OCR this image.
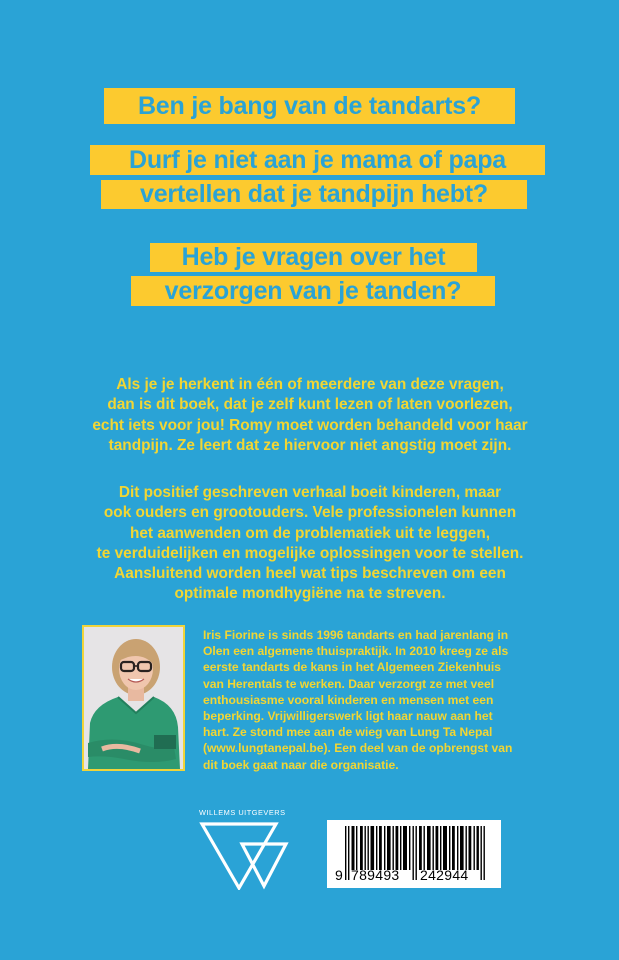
Ben je bang van de tandarts?
Durf je niet aan je mama of papa
vertellen dat je tandpijn hebt?
Heb je vragen over het
verzorgen van je tanden?
Als je je herkent in één of meerdere van deze vragen,
dan is dit boek, dat je zelf kunt lezen of laten voorlezen,
echt iets voor jou! Romy moet worden behandeld voor haar
tandpijn. Ze leert dat ze hiervoor niet angstig moet zijn.
Dit positief geschreven verhaal boeit kinderen, maar
ook ouders en grootouders. Vele professionelen kunnen
het aanwenden om de problematiek uit te leggen,
te verduidelijken en mogelijke oplossingen voor te stellen.
Aansluitend worden heel wat tips beschreven om een
optimale mondhygiëne na te streven.
Iris Fiorine is sinds 1996 tandarts en had jarenlang in
Olen een algemene thuispraktijk. In 2010 kreeg ze als
eerste tandarts de kans in het Algemeen Ziekenhuis
van Herentals te werken. Daar verzorgt ze met veel
enthousiasme vooral kinderen en mensen met een
beperking. Vrijwilligerswerk ligt haar nauw aan het
hart. Ze stond mee aan de wieg van Lung Ta Nepal
(www.lungtanepal.be). Een deel van de opbrengst van
dit boek gaat naar die organisatie.
WILLEMS UITGEVERS
9 789493 242944
